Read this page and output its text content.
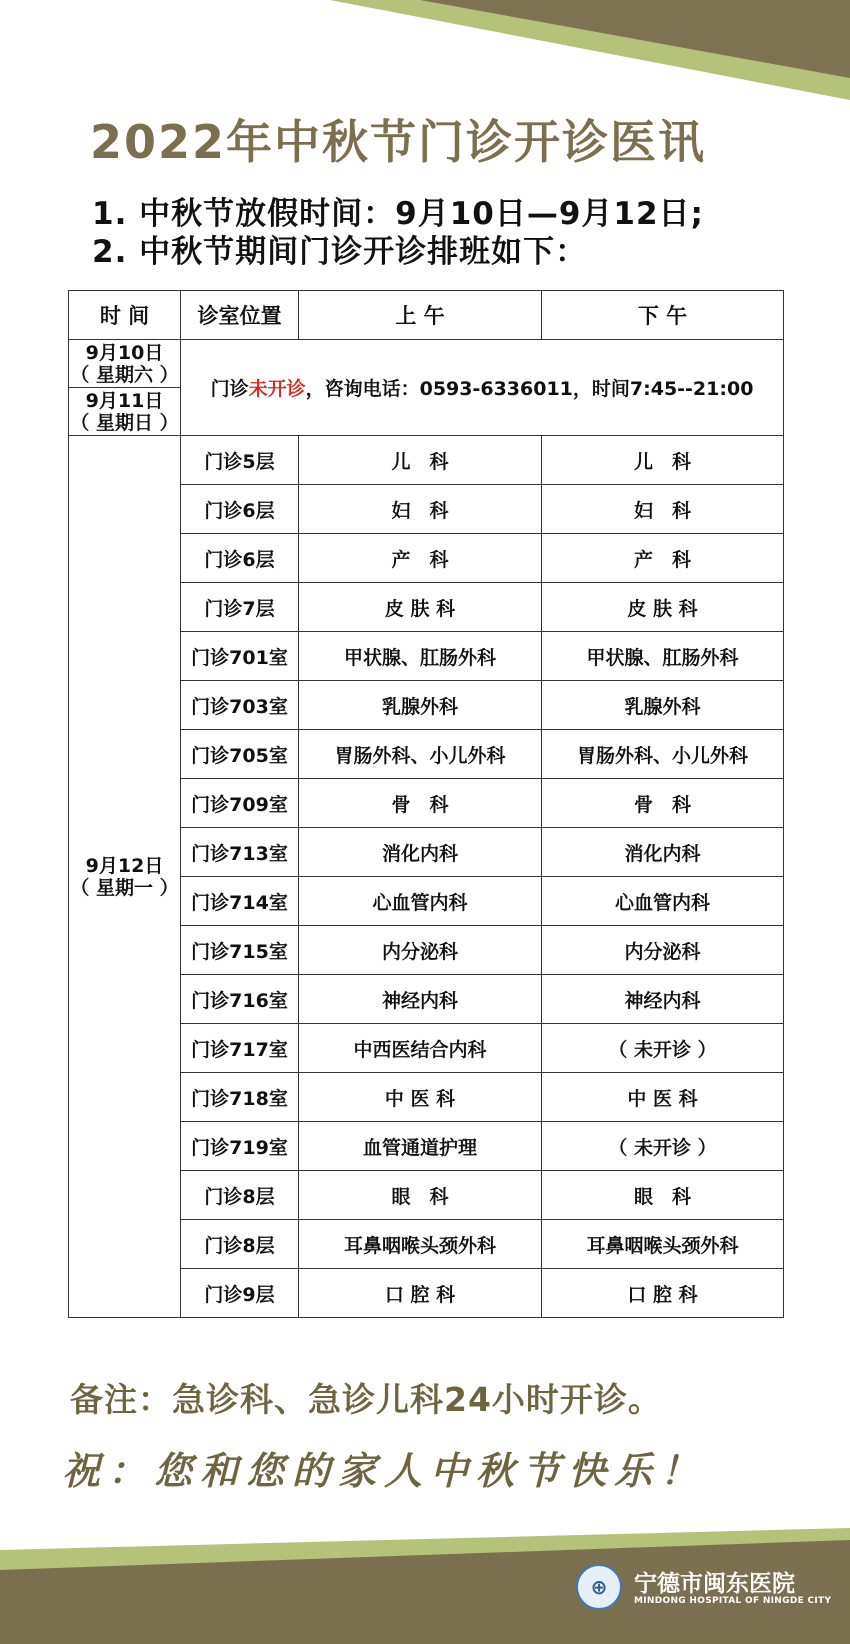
2022年中秋节门诊开诊医讯
1. 中秋节放假时间：9月10日—9月12日;
2. 中秋节期间门诊开诊排班如下：
时 间	诊室位置	上 午	下 午

9月10日
（ 星期六 ）	门诊未开诊，咨询电话：0593-6336011，时间7:45--21:00		

9月11日
（ 星期日 ）			

9月12日
（ 星期一 ）	门诊5层	儿　科	儿　科
	门诊6层	妇　科	妇　科
	门诊6层	产　科	产　科
	门诊7层	皮 肤 科	皮 肤 科
	门诊701室	甲状腺、肛肠外科	甲状腺、肛肠外科
	门诊703室	乳腺外科	乳腺外科
	门诊705室	胃肠外科、小儿外科	胃肠外科、小儿外科
	门诊709室	骨　科	骨　科
	门诊713室	消化内科	消化内科
	门诊714室	心血管内科	心血管内科
	门诊715室	内分泌科	内分泌科
	门诊716室	神经内科	神经内科
	门诊717室	中西医结合内科	（ 未开诊 ）
	门诊718室	中 医 科	中 医 科
	门诊719室	血管通道护理	（ 未开诊 ）
	门诊8层	眼　科	眼　科
	门诊8层	耳鼻咽喉头颈外科	耳鼻咽喉头颈外科
	门诊9层	口 腔 科	口 腔 科
备注：急诊科、急诊儿科24小时开诊。
祝：您和您的家人中秋节快乐！
⊕	宁德市闽东医院
MINDONG HOSPITAL OF NINGDE CITY
